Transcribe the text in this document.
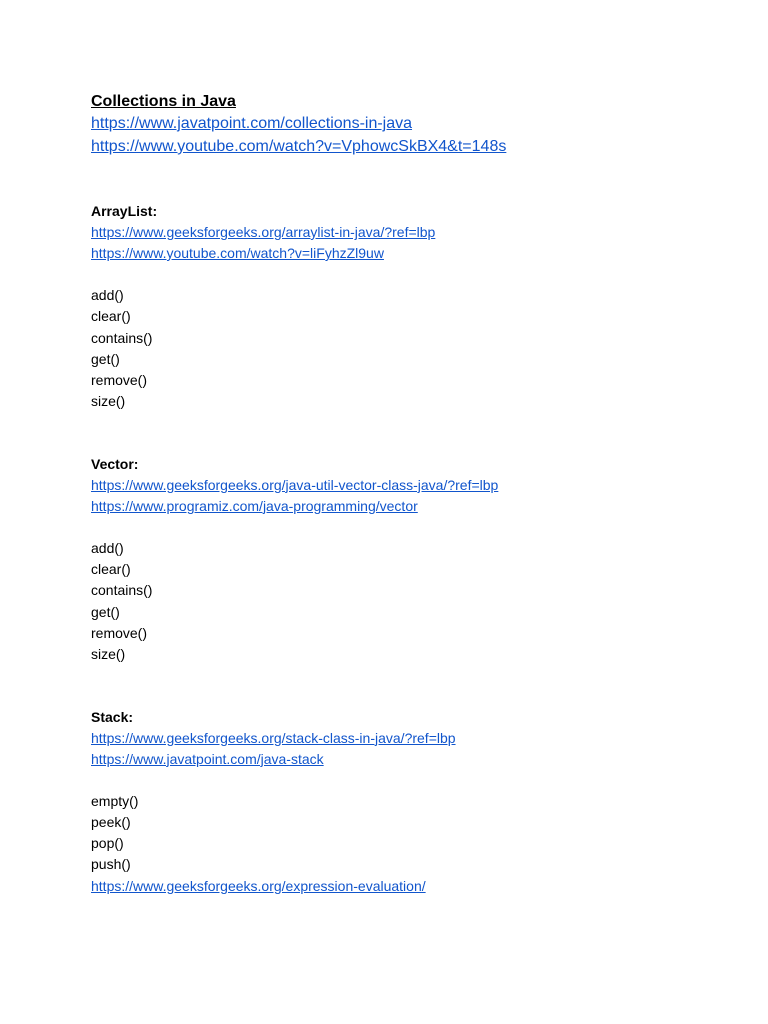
Collections in Java
https://www.javatpoint.com/collections-in-java
https://www.youtube.com/watch?v=VphowcSkBX4&t=148s
ArrayList:
https://www.geeksforgeeks.org/arraylist-in-java/?ref=lbp
https://www.youtube.com/watch?v=liFyhzZl9uw
add()
clear()
contains()
get()
remove()
size()
Vector:
https://www.geeksforgeeks.org/java-util-vector-class-java/?ref=lbp
https://www.programiz.com/java-programming/vector
add()
clear()
contains()
get()
remove()
size()
Stack:
https://www.geeksforgeeks.org/stack-class-in-java/?ref=lbp
https://www.javatpoint.com/java-stack
empty()
peek()
pop()
push()
https://www.geeksforgeeks.org/expression-evaluation/
